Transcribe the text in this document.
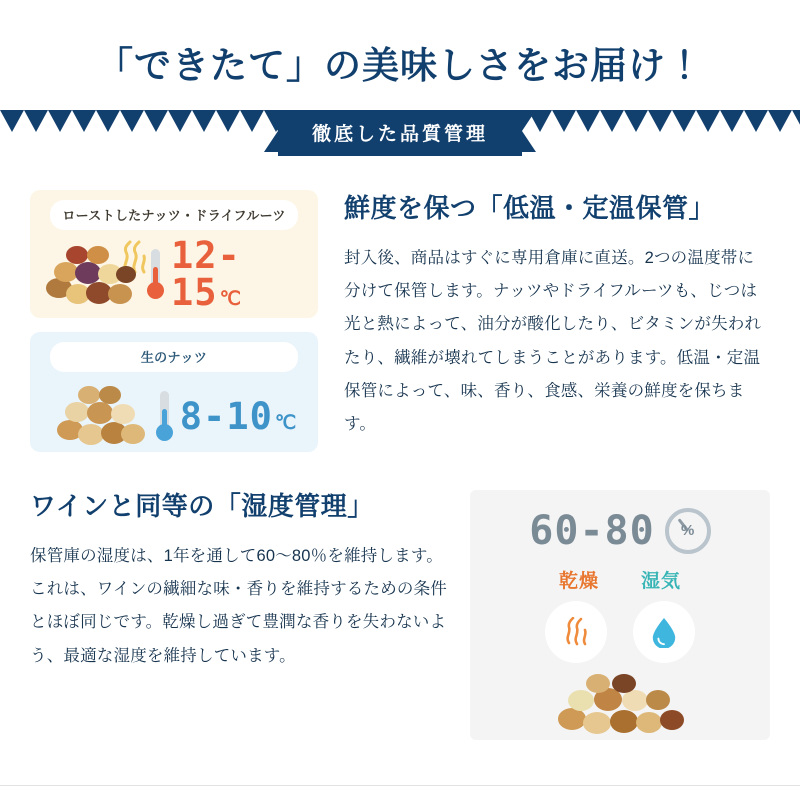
「できたて」の美味しさをお届け！
徹底した品質管理
ローストしたナッツ・ドライフルーツ
12-15 ℃
生のナッツ
8-10 ℃
鮮度を保つ「低温・定温保管」

封入後、商品はすぐに専用倉庫に直送。2つの温度帯に分けて保管します。ナッツやドライフルーツも、じつは光と熱によって、油分が酸化したり、ビタミンが失われたり、繊維が壊れてしまうことがあります。低温・定温保管によって、味、香り、食感、栄養の鮮度を保ちます。

ワインと同等の「湿度管理」

保管庫の湿度は、1年を通して60〜80％を維持します。これは、ワインの繊細な味・香りを維持するための条件とほぼ同じです。乾燥し過ぎて豊潤な香りを失わないよう、最適な湿度を維持しています。

60-80 %
乾燥 湿気
